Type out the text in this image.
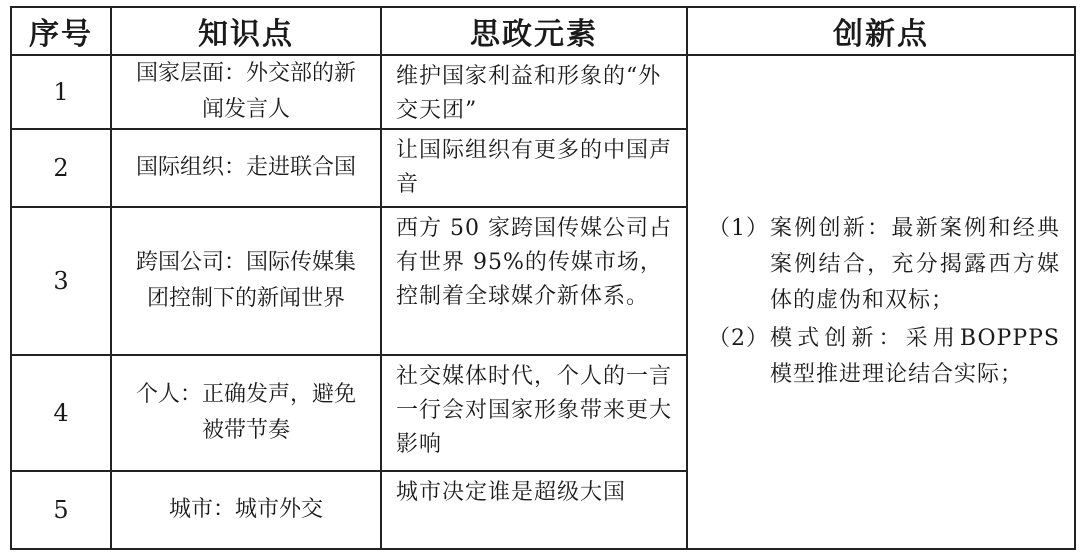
序号	知识点	思政元素	创新点
1	国家层面：外交部的新闻发言人	维护国家利益和形象的“外交天团”	（1） 案例创新：最新案例和经典案例结合，充分揭露西方媒体的虚伪和双标；
（2） 模式创新：采用BOPPPS 模型推进理论结合实际；

2	国际组织：走进联合国	让国际组织有更多的中国声音	
3	跨国公司：国际传媒集团控制下的新闻世界	西方 50 家跨国传媒公司占有世界 95%的传媒市场，控制着全球媒介新体系。	
4	个人：正确发声，避免被带节奏	社交媒体时代，个人的一言一行会对国家形象带来更大影响	
5	城市：城市外交	城市决定谁是超级大国	
